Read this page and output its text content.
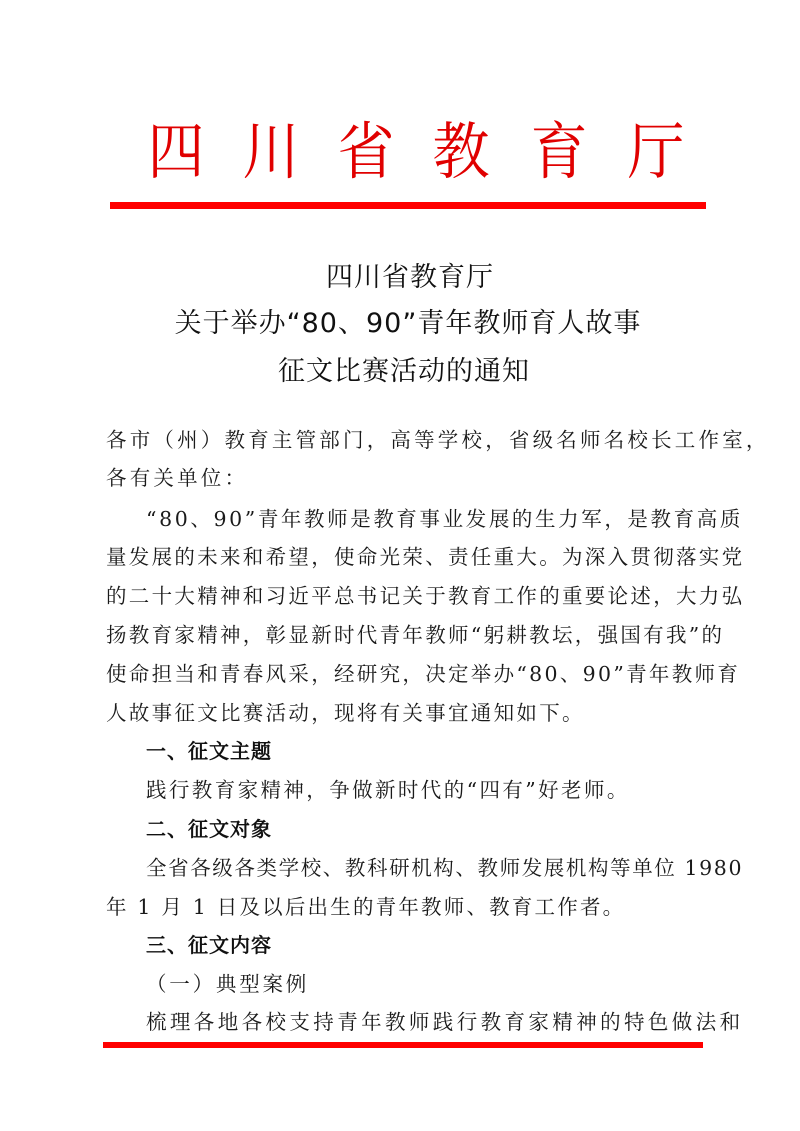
四 川 省 教 育 厅
四川省教育厅
关于举办“80、90”青年教师育人故事
征文比赛活动的通知
各市（州）教育主管部门，高等学校，省级名师名校长工作室，
各有关单位：
“80、90”青年教师是教育事业发展的生力军，是教育高质
量发展的未来和希望，使命光荣、责任重大。为深入贯彻落实党
的二十大精神和习近平总书记关于教育工作的重要论述，大力弘
扬教育家精神，彰显新时代青年教师“躬耕教坛，强国有我”的
使命担当和青春风采，经研究，决定举办“80、90”青年教师育
人故事征文比赛活动，现将有关事宜通知如下。
一、征文主题
践行教育家精神，争做新时代的“四有”好老师。
二、征文对象
全省各级各类学校、教科研机构、教师发展机构等单位 1980
年 1 月 1 日及以后出生的青年教师、教育工作者。
三、征文内容
（一）典型案例
梳理各地各校支持青年教师践行教育家精神的特色做法和
